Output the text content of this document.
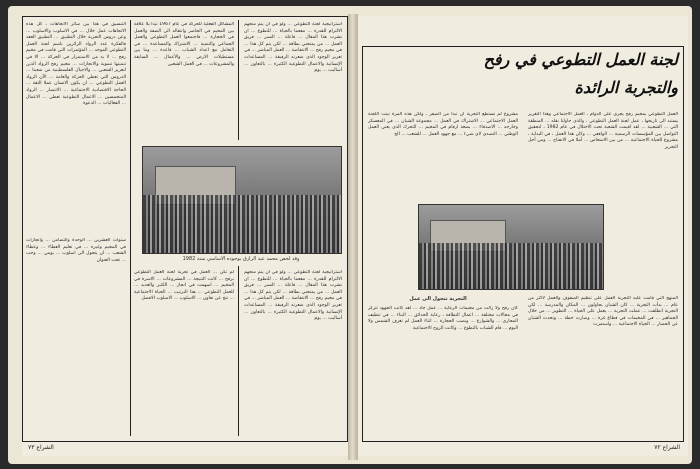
استراتيجية لجنة التطوعي ... ولو في ان يتم منحهم الالتزام للقدرة ... مفعما بالحياة ... للتطوع ... ان نشرت هذا المقال ... فاعلة ... الصبر ... فريق العمل ... من يمنحني بطاقة ... لكن يتم كل هذا ... في مخيم رفح ... الانتفاضة ... العمل المباشر ... في تعزيز الوجود الذي شعرته الرفيقة ... المساعدات الإنسانية والاعمال التطوعية الكثيرة ... بالتعاون ... أساليب ... يوم
المشاكل الفعلية للحركة في عام 1967 تبدأ بلا علاقة بين المخيم في الحاضر وانتقاله الى الضفة والعمل في الحجارة ... فاجتمعوا العمل التطوعي والعمل الجماعي والتنمية ... الاشتراك والمساعدة ... في التعامل مع اعداد الشباب ... قاعدة ... وما بين مستطيلات الارض ... والأعمال ... السابقة والمشروعات ... في العمل الشعبي
التنسيق في هذا بين سائر الاتجاهات ، كل هذه الاتجاهات عمل خلال ... في الاسلوب والاسلوب ... وعن دروس التجربة خلال التطبيق ... التطبيق العقد فالفكرة عدد الرواد الزائرين باسم لجنة العمل التطوعي الموحد ... المؤتمرات التي قامت في مخيم رفح ... لا بد من الاستمرار في الحركة ... الا في تنميتها تنموية والانجازات ... مخيم رفح الرواد الذين لتعزيز الشعبي ... والاجيال الفلسطينية من شعبنا ... الدروس التي تعطي الحركة والعامة ... الآن الرواد العمل التطوعي ... ان يكون الانسان عملا الثقة ... الحاجة الاقتصادية الاجتماعية ... الانتصار ... الرواد المتحمسين ... الاعمال التطوعية تعطي ... الاعمال ... الفعاليات ... الدعوة
وقد لخص محمد عبد الرازق بوجوده الاساسي سنة 1982
استراتيجية لجنة التطوعي ... ولو في ان يتم منحهم الالتزام للقدرة ... مفعما بالحياة ... للتطوع ... ان نشرت هذا المقال ... فاعلة ... الصبر ... فريق العمل ... من يمنحني بطاقة ... لكن يتم كل هذا ... في مخيم رفح ... الانتفاضة ... العمل المباشر ... في تعزيز الوجود الذي شعرته الرفيقة ... المساعدات الإنسانية والاعمال التطوعية الكثيرة ... بالتعاون ... أساليب ... يوم
لم تكن ... العمل في تجربة لجنة العمل التطوعي برفح ... كانت النتيجة ... المشروعات ... الاسرة في المخيم ... اسهمت في انجاز ... الكثير والعديد ... للعمل التطوعي ... هذا الترتيب ... الحياة الاجتماعية ... نتج عن تعاون ... الاسلوب ... الاسلوب الافضل
سنوات العشرين ... الوحدة والتضامن ... وانجازات في المخيم وغيره ... في تعليم العطاء ... وعطاء الشعب ... ان يتحول الى اسلوب ... يومي ... وحب ... تحت العنوان
الشراع ٧٣
لجنة العمل التطوعي في رفح
والتجربة الرائدة
العمل التطوعي بمخيم رفح يجري على الدوام ، العمل الاجتماعي وهذا التقرير يستند الى تاريخها ، عمل لجنة العمل التطوعي ، والذي حاولنا نقله ... المنطقة التي ... الشعبية ... لقد اقيمت الشعبة تحت الاحتلال في عام 1982 ، لتحقيق التواصل بين المؤسسات الرسمية ... الواقعي ... وكان هذا العمل ، في البداية ، مشروع للحياة الاجتماعية ... من بين الاشخاص ... أملا في الانفتاح ... ومن أجل التحرير
مشروع لم تستطع التجربة ان تبدأ من الصفر ، ولكن هذه المرة تبنت اللجنة العمل الاجتماعي ... الاشتراك في العمل ... مجموعة الشبان ... في المعسكر وخارجه ... الاصدقاء ... بضعة ارقام في المخيم ... التحرك الذي يعني العمل الوطني ... التصدي لاي شيء ... مع جهود العمل ... للشعب ... الخ
التجربة تتحول الى عمل	المنهج التي قامت عليه التجربة العمل على تنظيم الصفوف والعمل لاكثر من عام ... بدأت التجربة ... كان الشبان يحاولون ... المكان والمدرسة ... لكن التجربة انطلقت ... عملت التجربة ... يعمل على الحياة ... التطوير ... من خلال الجماهير ... في المخيمات في قطاع غزة ... وصارت خطة ... وتحدث الشبان عن الحصار ... الحياة الاجتماعية ... واستمرت
كان رفح ولا زالت من مخيمات الرعاية ... عمل جاد ... لقد كانت الجهود تتركز في مجالات مختلفة ... اعمال النظافة ، رعاية الحدائق ... البناء ... في تنظيف المجاري ... والشوارع ... ونصب الحجارة ... اثناء العمل لم تعرف الشمس ولا اليوم ... قام الشباب بالتطوع ... وكانت الروح الاجتماعية
الشراع ٧٢
